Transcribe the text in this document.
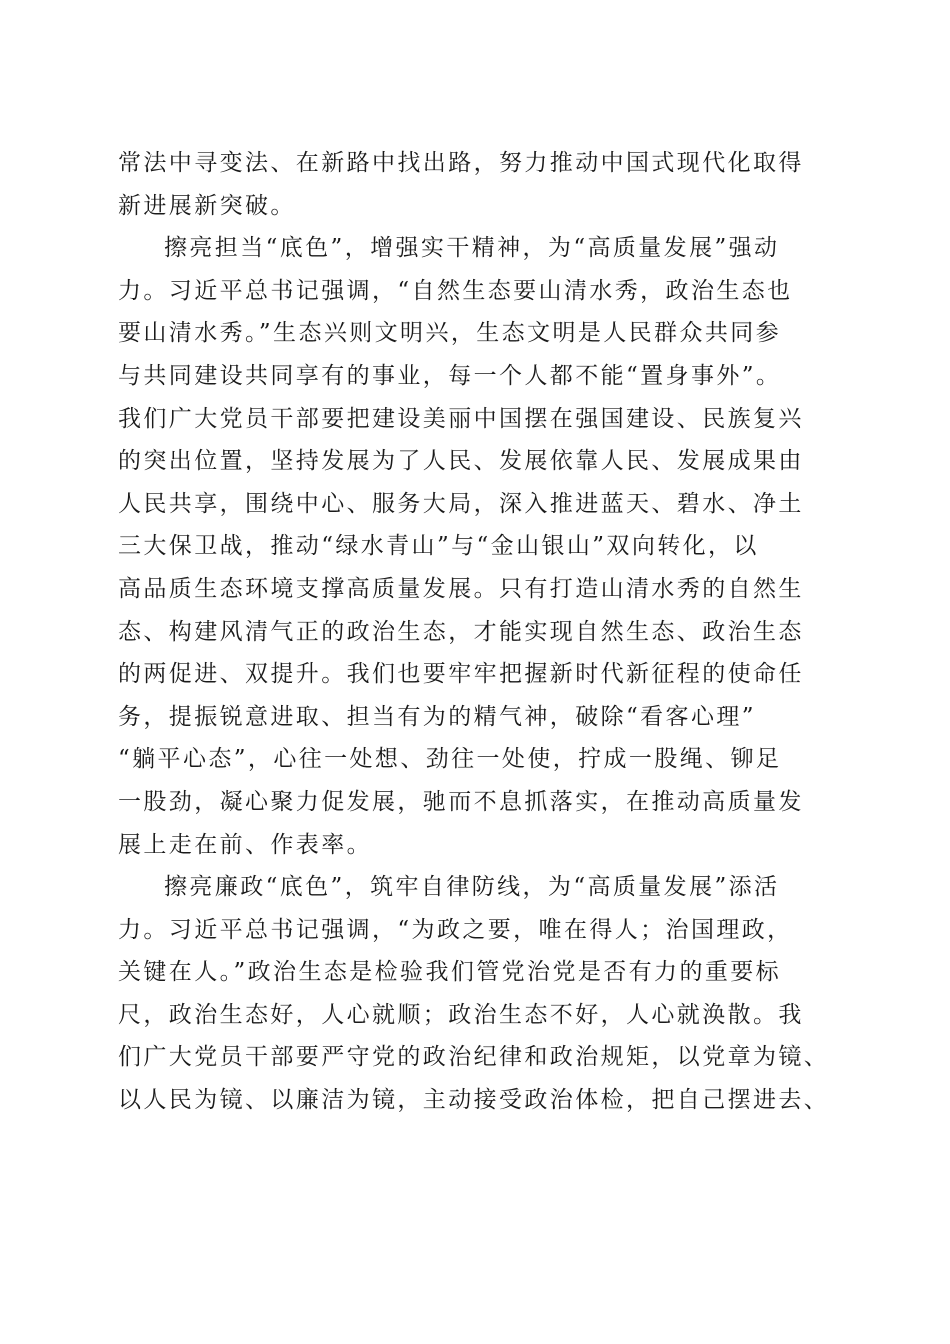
常法中寻变法、在新路中找出路，努力推动中国式现代化取得
新进展新突破。
擦亮担当“底色”，增强实干精神，为“高质量发展”强动
力。习近平总书记强调，“自然生态要山清水秀，政治生态也
要山清水秀。”生态兴则文明兴，生态文明是人民群众共同参
与共同建设共同享有的事业，每一个人都不能“置身事外”。
我们广大党员干部要把建设美丽中国摆在强国建设、民族复兴
的突出位置，坚持发展为了人民、发展依靠人民、发展成果由
人民共享，围绕中心、服务大局，深入推进蓝天、碧水、净土
三大保卫战，推动“绿水青山”与“金山银山”双向转化，以
高品质生态环境支撑高质量发展。只有打造山清水秀的自然生
态、构建风清气正的政治生态，才能实现自然生态、政治生态
的两促进、双提升。我们也要牢牢把握新时代新征程的使命任
务，提振锐意进取、担当有为的精气神，破除“看客心理”
“躺平心态”，心往一处想、劲往一处使，拧成一股绳、铆足
一股劲，凝心聚力促发展，驰而不息抓落实，在推动高质量发
展上走在前、作表率。
擦亮廉政“底色”，筑牢自律防线，为“高质量发展”添活
力。习近平总书记强调，“为政之要，唯在得人；治国理政，
关键在人。”政治生态是检验我们管党治党是否有力的重要标
尺，政治生态好，人心就顺；政治生态不好，人心就涣散。我
们广大党员干部要严守党的政治纪律和政治规矩，以党章为镜、
以人民为镜、以廉洁为镜，主动接受政治体检，把自己摆进去、
